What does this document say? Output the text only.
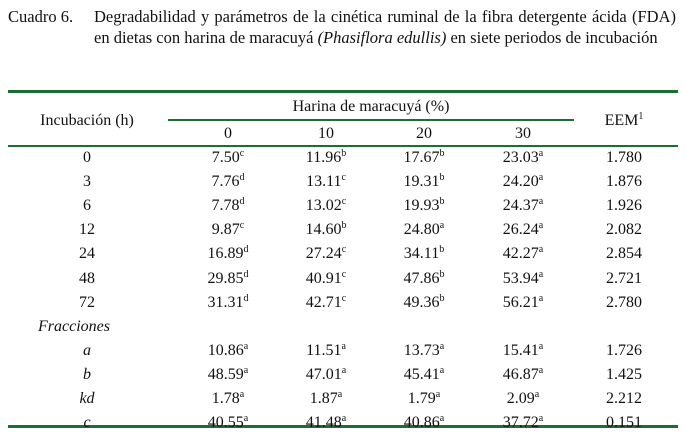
Cuadro 6. Degradabilidad y parámetros de la cinética ruminal de la fibra detergente ácida (FDA) en dietas con harina de maracuyá (Phasiflora edullis) en siete periodos de incubación
Incubación (h)
Harina de maracuyá (%)
0	10	20	30
EEM$^1$
0	7.50$^c$	11.96$^b$	17.67$^b$	23.03$^a$	1.780
3	7.76$^d$	13.11$^c$	19.31$^b$	24.20$^a$	1.876
6	7.78$^d$	13.02$^c$	19.93$^b$	24.37$^a$	1.926
12	9.87$^c$	14.60$^b$	24.80$^a$	26.24$^a$	2.082
24	16.89$^d$	27.24$^c$	34.11$^b$	42.27$^a$	2.854
48	29.85$^d$	40.91$^c$	47.86$^b$	53.94$^a$	2.721
72	31.31$^d$	42.71$^c$	49.36$^b$	56.21$^a$	2.780
Fracciones
a	10.86$^a$	11.51$^a$	13.73$^a$	15.41$^a$	1.726
b	48.59$^a$	47.01$^a$	45.41$^a$	46.87$^a$	1.425
kd	1.78$^a$	1.87$^a$	1.79$^a$	2.09$^a$	2.212
c	40.55$^a$	41.48$^a$	40.86$^a$	37.72$^a$	0.151
